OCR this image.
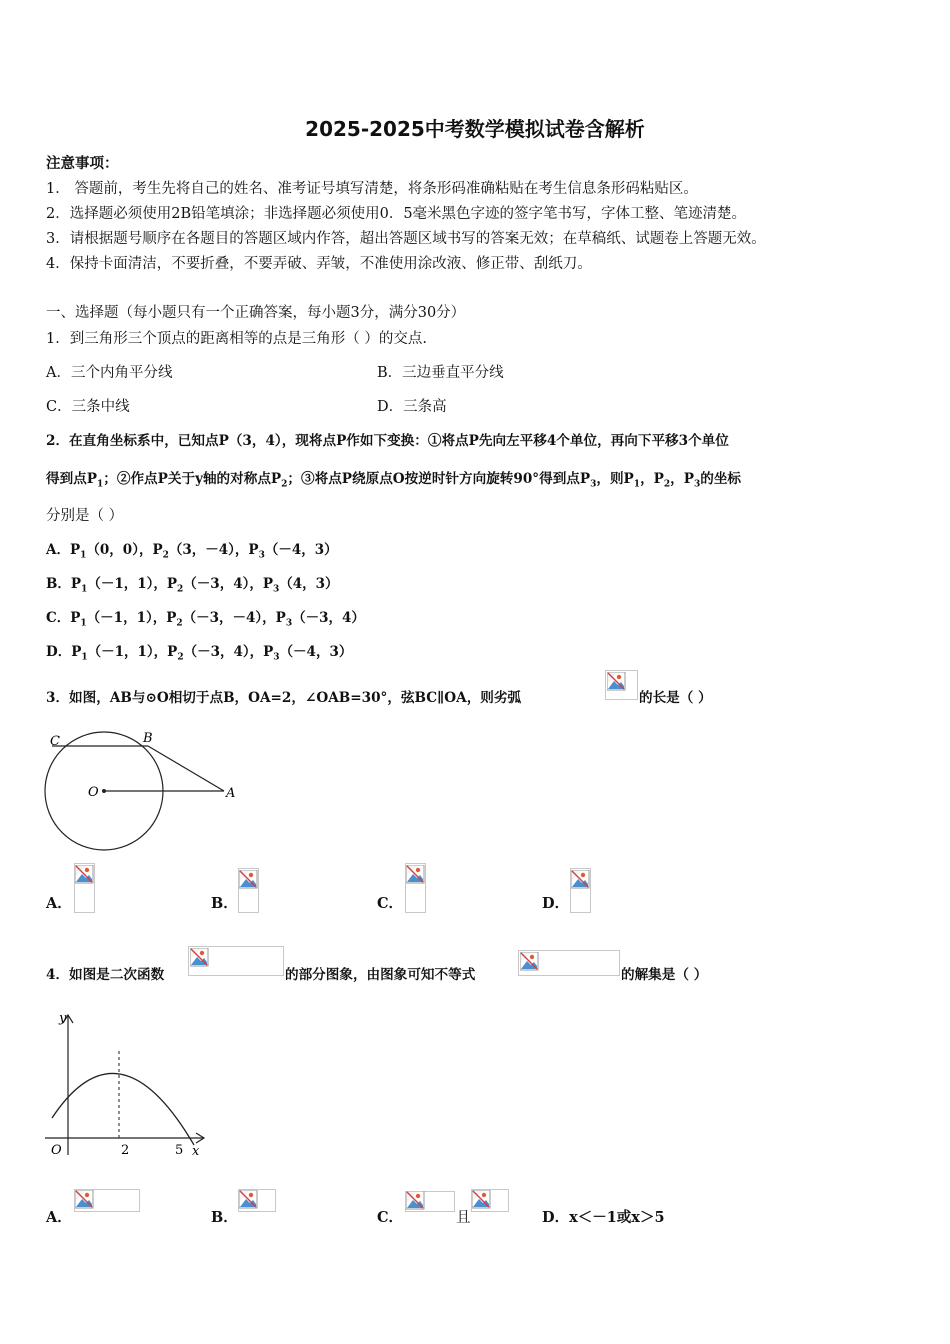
2025-2025中考数学模拟试卷含解析
注意事项：
1． 答题前，考生先将自己的姓名、准考证号填写清楚，将条形码准确粘贴在考生信息条形码粘贴区。
2．选择题必须使用2B铅笔填涂；非选择题必须使用0．5毫米黑色字迹的签字笔书写，字体工整、笔迹清楚。
3．请根据题号顺序在各题目的答题区域内作答，超出答题区域书写的答案无效；在草稿纸、试题卷上答题无效。
4．保持卡面清洁，不要折叠，不要弄破、弄皱，不准使用涂改液、修正带、刮纸刀。
一、选择题（每小题只有一个正确答案，每小题3分，满分30分）
1．到三角形三个顶点的距离相等的点是三角形（ ）的交点.
A．三个内角平分线	B．三边垂直平分线
C．三条中线	D．三条高
2．在直角坐标系中，已知点P（3，4），现将点P作如下变换：①将点P先向左平移4个单位，再向下平移3个单位
得到点$P_1$；②作点P关于y轴的对称点$P_2$；③将点P绕原点O按逆时针方向旋转90°得到点$P_3$，则$P_1$，$P_2$，$P_3$的坐标
分别是（ ）
A．$P_1(0$，0），$P_2(3$，－4），$P_3(-4$，3）
B．$P_1(-1$，1），$P_2(-3$，4），$P_3(4$，3）
C．$P_1(-1$，1），$P_2(-3$，－4），$P_3(-3$，4）
D．$P_1(-1$，1），$P_2(-3$，4），$P_3(-4$，3）
3．如图，AB与⊙O相切于点B，OA=2，∠OAB=30°，弦BC∥OA，则劣弧	的长是（ ）
C	B
O	A
A．	B．	C．	D．
4．如图是二次函数	的部分图象，由图象可知不等式	的解集是（ ）
y
x
O	2	5
A．	B．	C．	且	D．x＜－1或x＞5
